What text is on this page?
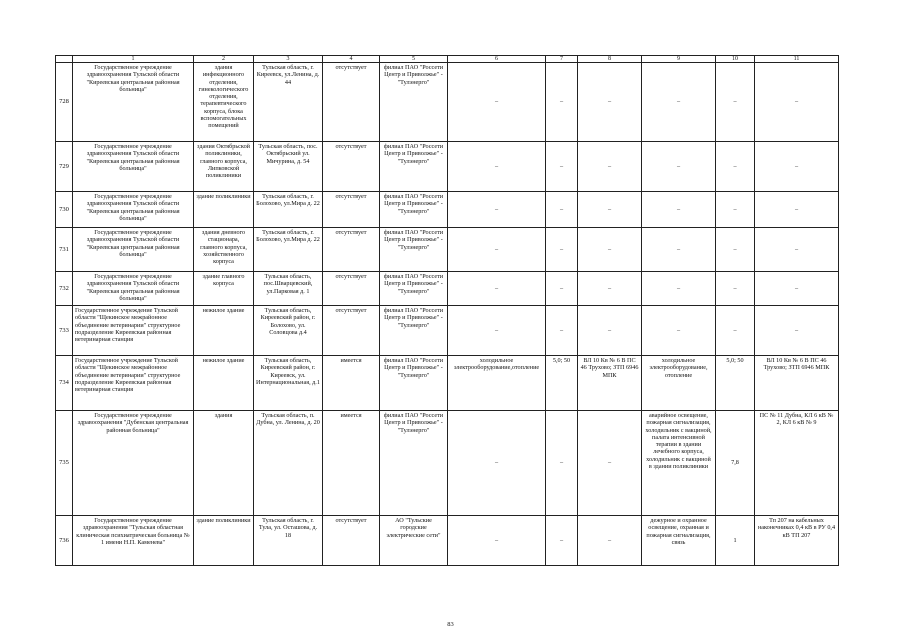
	1	2	3	4	5	6	7	8	9	10	11
728	Государственное учреждение здравоохранения Тульской области "Киреевская центральная районная больница"	здания инфекционного отделения, гинекологического отделения, терапевтического корпуса, блока вспомогательных помещений	Тульская область, г. Киреевск, ул.Ленина, д. 44	отсутствует	филиал ПАО "Россети Центр и Приволжье" - "Тулэнерго"	–	–	–	–	–	–
729	Государственное учреждение здравоохранения Тульской области "Киреевская центральная районная больница"	здания Октябрьской поликлиники, главного корпуса, Липковской поликлиники	Тульская область, пос. Октябрьский ул. Мичурина, д. 54	отсутствует	филиал ПАО "Россети Центр и Приволжье" - "Тулэнерго"	–	–	–	–	–	–
730	Государственное учреждение здравоохранения Тульской области "Киреевская центральная районная больница"	здание поликлиники	Тульская область, г. Болохово, ул.Мира д. 22	отсутствует	филиал ПАО "Россети Центр и Приволжье" - "Тулэнерго"	–	–	–	–	–	–
731	Государственное учреждение здравоохранения Тульской области "Киреевская центральная районная больница"	здания дневного стационара, главного корпуса, хозяйственного корпуса	Тульская область, г. Болохово, ул.Мира д. 22	отсутствует	филиал ПАО "Россети Центр и Приволжье" - "Тулэнерго"	–	–	–	–	–	–
732	Государственное учреждение здравоохранения Тульской области "Киреевская центральная районная больница"	здание главного корпуса	Тульская область, пос.Шварцевский, ул.Парковая д. 1	отсутствует	филиал ПАО "Россети Центр и Приволжье" - "Тулэнерго"	–	–	–	–	–	–
733	Государственное учреждение Тульской области "Щекинское межрайонное объединение ветеринарии" структурное подразделение Киреевская районная ветеринарная станция	нежилое здание	Тульская область, Киреевский район, г. Болохово, ул. Соловцова д.4	отсутствует	филиал ПАО "Россети Центр и Приволжье" - "Тулэнерго"	–	–	–	–	–	–
734	Государственное учреждение Тульской области "Щекинское межрайонное объединение ветеринарии" структурное подразделение Киреевская районная ветеринарная станция	нежилое здание	Тульская область, Киреевский район, г. Киреевск, ул. Интернациональная, д.1	имеется	филиал ПАО "Россети Центр и Приволжье" - "Тулэнерго"	холодильное электрооборудование,отопление	5,0; 50	ВЛ 10 Кв № 6 В ПС 46 Трухово; ЗТП 6946 МПК	холодильное электрооборудование, отопление	5,0; 50	ВЛ 10 Кв № 6 В ПС 46 Трухово; ЗТП 6946 МПК
735	Государственное учреждение здравоохранения "Дубенская центральная районная больница"	здания	Тульская область, п. Дубна, ул. Ленина, д. 20	имеется	филиал ПАО "Россети Центр и Приволжье" - "Тулэнерго"	–	–	–	аварийное освещение, пожарная сигнализация, холодильник с вакциной, палата интенсивной терапии в здании лечебного корпуса, холодильник с вакциной в здании поликлиники	7,8	ПС № 11 Дубна, КЛ 6 кВ № 2, КЛ 6 кВ № 9
736	Государственное учреждение здравоохранения "Тульская областная клиническая психиатрическая больница № 1 имени Н.П. Каменева"	здание поликлиники	Тульская область, г. Тула, ул. Осташова, д. 18	отсутствует	АО "Тульские городские электрические сети"	–	–	–	дежурное и охранное освещение, охранная и пожарная сигнализация, связь	1	Тп 207 на кабельных наконечниках 0,4 кВ в РУ 0,4 кВ ТП 207
83
